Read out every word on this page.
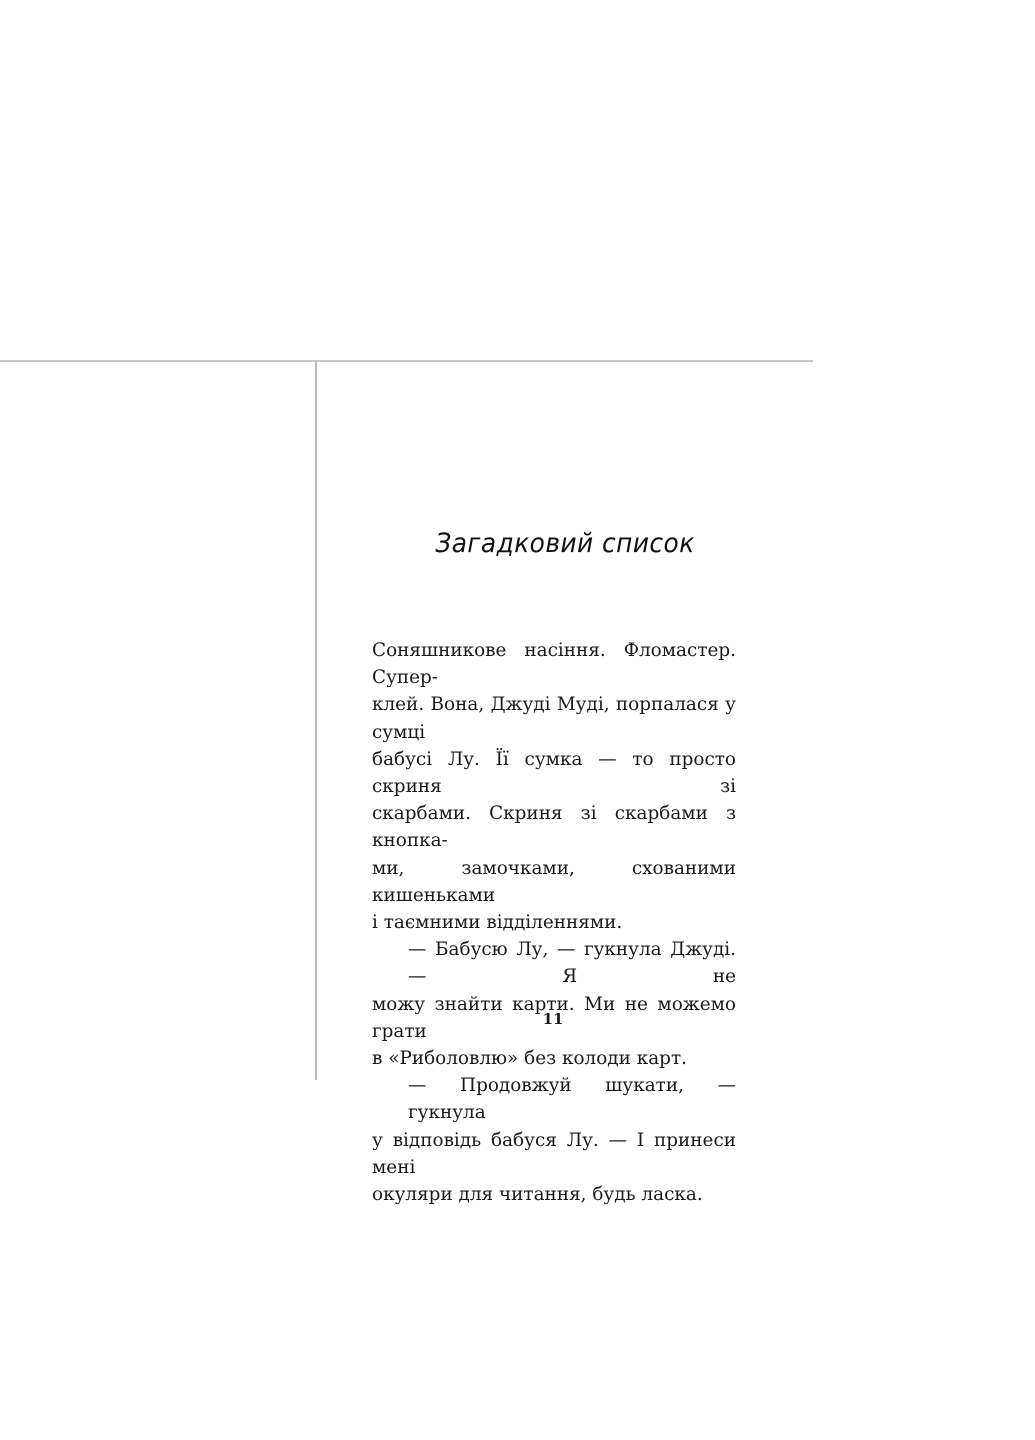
Загадковий список

Соняшникове насіння. Фломастер. Супер-
клей. Вона, Джуді Муді, порпалася у сумці
бабусі Лу. Її сумка — то просто скриня зі
скарбами. Скриня зі скарбами з кнопка-
ми, замочками, схованими кишеньками
і таємними відділеннями.

— Бабусю Лу, — гукнула Джуді. — Я не
можу знайти карти. Ми не можемо грати
в «Риболовлю» без колоди карт.

— Продовжуй шукати, — гукнула
у відповідь бабуся Лу. — І принеси мені
окуляри для читання, будь ласка.

11
